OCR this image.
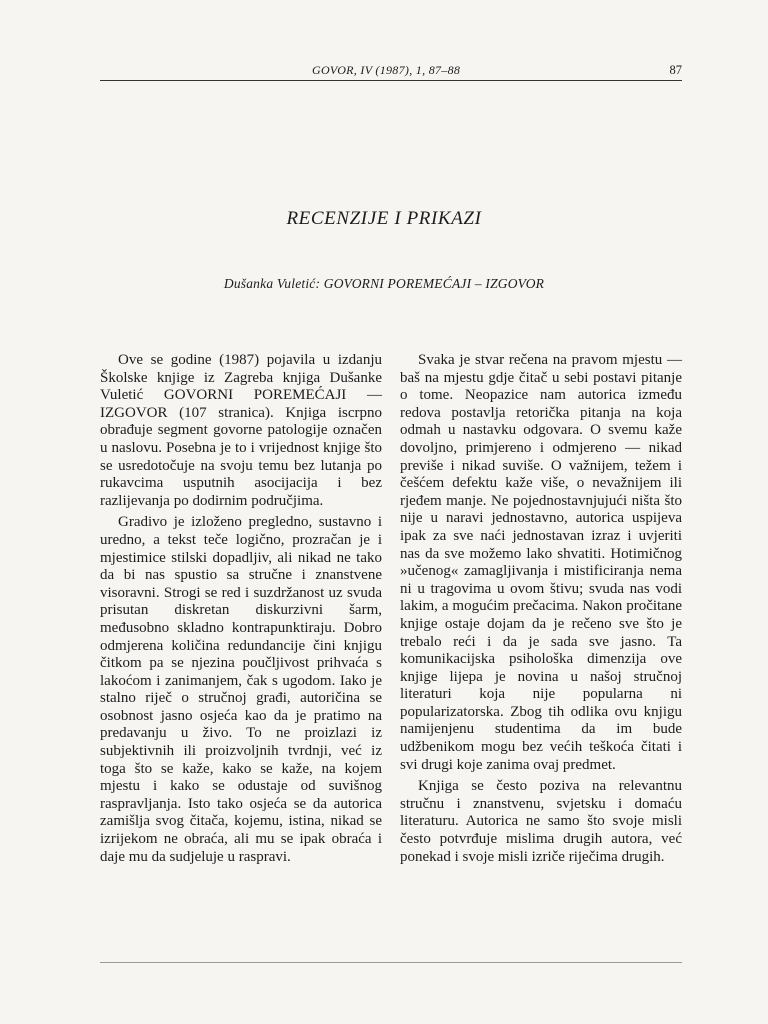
GOVOR, IV (1987), 1, 87–88	87
RECENZIJE I PRIKAZI
Dušanka Vuletić: GOVORNI POREMEĆAJI – IZGOVOR

Ove se godine (1987) pojavila u izdanju Školske knjige iz Zagreba knjiga Dušanke Vuletić GOVORNI POREMEĆAJI — IZGOVOR (107 stranica). Knjiga iscrpno obrađuje segment govorne patologije označen u naslovu. Posebna je to i vrijednost knjige što se usredotočuje na svoju temu bez lutanja po rukavcima usputnih asocijacija i bez razlijevanja po dodirnim područjima.

Gradivo je izloženo pregledno, sustavno i uredno, a tekst teče logično, prozračan je i mjestimice stilski dopadljiv, ali nikad ne tako da bi nas spustio sa stručne i znanstvene visoravni. Strogi se red i suzdržanost uz svuda prisutan diskretan diskurzivni šarm, međusobno skladno kontrapunktiraju. Dobro odmjerena količina redundancije čini knjigu čitkom pa se njezina poučljivost prihvaća s lakoćom i zanimanjem, čak s ugodom. Iako je stalno riječ o stručnoj građi, autoričina se osobnost jasno osjeća kao da je pratimo na predavanju u živo. To ne proizlazi iz subjektivnih ili proizvoljnih tvrdnji, već iz toga što se kaže, kako se kaže, na kojem mjestu i kako se odustaje od suvišnog raspravljanja. Isto tako osjeća se da autorica zamišlja svog čitača, kojemu, istina, nikad se izrijekom ne obraća, ali mu se ipak obraća i daje mu da sudjeluje u raspravi.

Svaka je stvar rečena na pravom mjestu — baš na mjestu gdje čitač u sebi postavi pitanje o tome. Neopazice nam autorica između redova postavlja retorička pitanja na koja odmah u nastavku odgovara. O svemu kaže dovoljno, primjereno i odmjereno — nikad previše i nikad suviše. O važnijem, težem i češćem defektu kaže više, o nevažnijem ili rjeđem manje. Ne pojednostavnjujući ništa što nije u naravi jednostavno, autorica uspijeva ipak za sve naći jednostavan izraz i uvjeriti nas da sve možemo lako shvatiti. Hotimičnog »učenog« zamagljivanja i mistificiranja nema ni u tragovima u ovom štivu; svuda nas vodi lakim, a mogućim prečacima. Nakon pročitane knjige ostaje dojam da je rečeno sve što je trebalo reći i da je sada sve jasno. Ta komunikacijska psihološka dimenzija ove knjige lijepa je novina u našoj stručnoj literaturi koja nije popularna ni popularizatorska. Zbog tih odlika ovu knjigu namijenjenu studentima da im bude udžbenikom mogu bez većih teškoća čitati i svi drugi koje zanima ovaj predmet.

Knjiga se često poziva na relevantnu stručnu i znanstvenu, svjetsku i domaću literaturu. Autorica ne samo što svoje misli često potvrđuje mislima drugih autora, već ponekad i svoje misli izriče riječima drugih.
